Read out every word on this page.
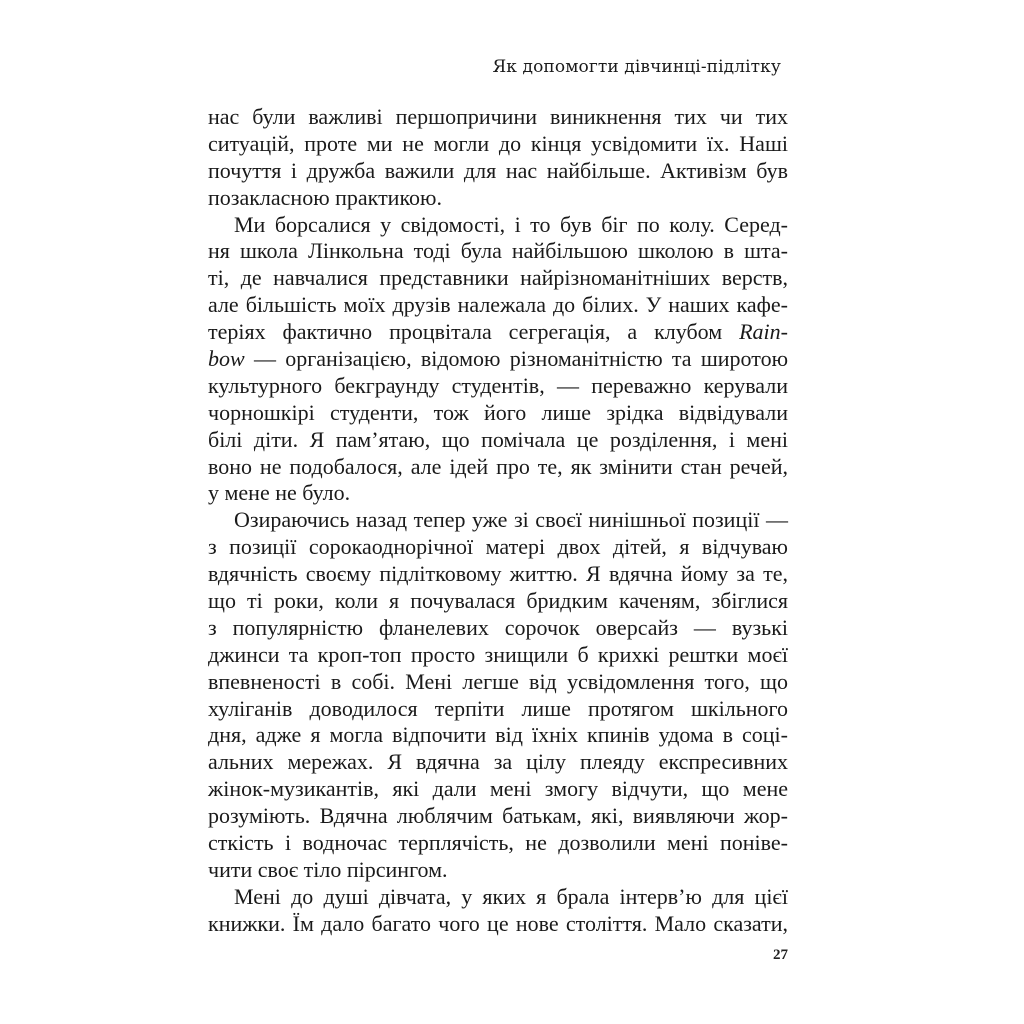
Як допомогти дівчинці-підлітку
нас були важливі першопричини виникнення тих чи тих
ситуацій, проте ми не могли до кінця усвідомити їх. Наші
почуття і дружба важили для нас найбільше. Активізм був
позакласною практикою.
Ми борсалися у свідомості, і то був біг по колу. Серед-
ня школа Лінкольна тоді була найбільшою школою в шта-
ті, де навчалися представники найрізноманітніших верств,
але більшість моїх друзів належала до білих. У наших кафе-
теріях фактично процвітала сегрегація, а клубом Rain-
bow — організацією, відомою різноманітністю та широтою
культурного бекграунду студентів, — переважно керували
чорношкірі студенти, тож його лише зрідка відвідували
білі діти. Я пам’ятаю, що помічала це розділення, і мені
воно не подобалося, але ідей про те, як змінити стан речей,
у мене не було.
Озираючись назад тепер уже зі своєї нинішньої позиції —
з позиції сорокаоднорічної матері двох дітей, я відчуваю
вдячність своєму підлітковому життю. Я вдячна йому за те,
що ті роки, коли я почувалася бридким каченям, збіглися
з популярністю фланелевих сорочок оверсайз — вузькі
джинси та кроп-топ просто знищили б крихкі рештки моєї
впевненості в собі. Мені легше від усвідомлення того, що
хуліганів доводилося терпіти лише протягом шкільного
дня, адже я могла відпочити від їхніх кпинів удома в соці-
альних мережах. Я вдячна за цілу плеяду експресивних
жінок-музикантів, які дали мені змогу відчути, що мене
розуміють. Вдячна люблячим батькам, які, виявляючи жор-
сткість і водночас терплячість, не дозволили мені поніве-
чити своє тіло пірсингом.
Мені до душі дівчата, у яких я брала інтерв’ю для цієї
книжки. Їм дало багато чого це нове століття. Мало сказати,
27
